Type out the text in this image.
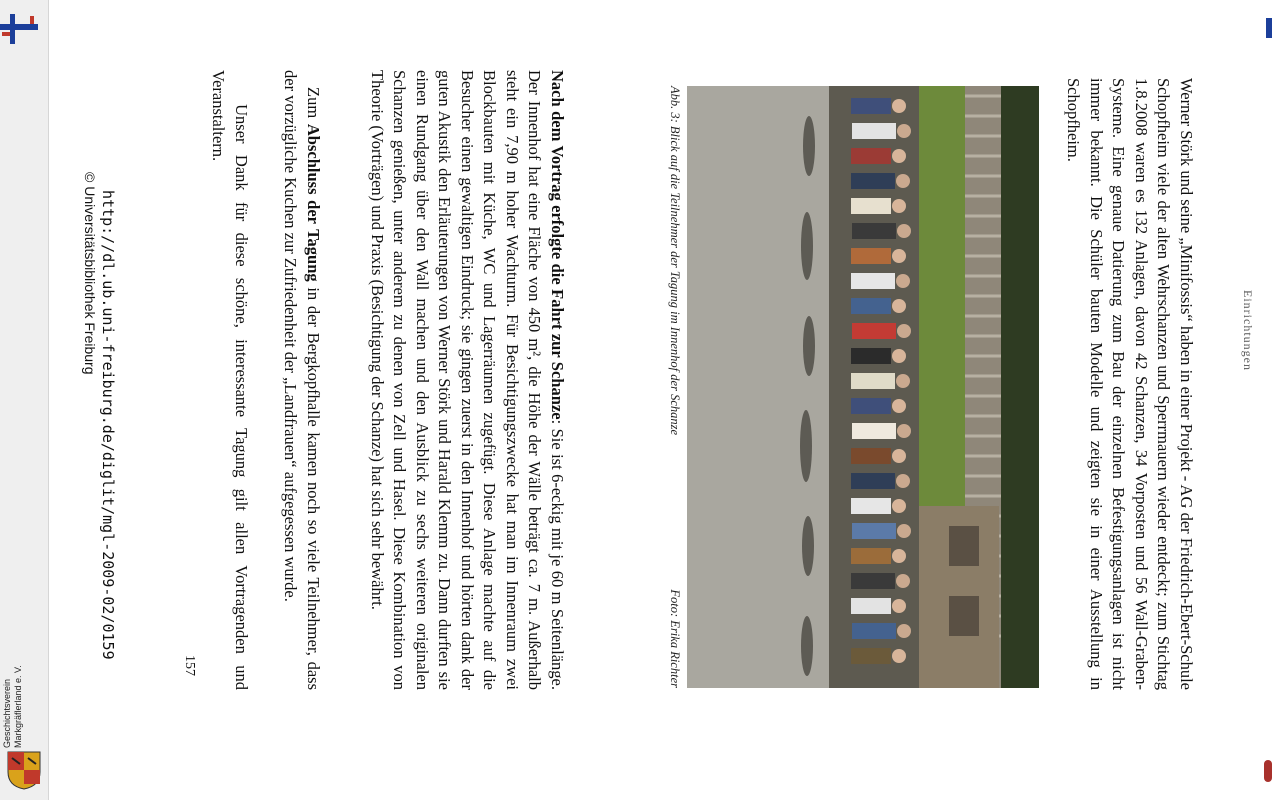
Geschichtsverein Markgräflerland e. V.
Einrichtungen
Werner Störk und seine „Minifossis“ haben in einer Projekt - AG der Friedrich-Ebert-Schule Schopfheim viele der alten Wehrschanzen und Sperrmauern wieder entdeckt; zum Stichtag 1.8.2008 waren es 132 Anlagen, davon 42 Schanzen, 34 Vorposten und 56 Wall-Graben-Systeme. Eine genaue Datierung zum Bau der einzelnen Befestigungsanlagen ist nicht immer bekannt. Die Schüler bauten Modelle und zeigten sie in einer Ausstellung in Schopfheim.
Abb. 3: Blick auf die Teilnehmer der Tagung im Innenhof der Schanze
Foto: Erika Richter
Nach dem Vortrag erfolgte die Fahrt zur Schanze: Sie ist 6-eckig mit je 60 m Seitenlänge. Der Innenhof hat eine Fläche von 450 m², die Höhe der Wälle beträgt ca. 7 m. Außerhalb steht ein 7,90 m hoher Wachturm. Für Besichtigungszwecke hat man im Innenraum zwei Blockbauten mit Küche, WC und Lagerräumen zugefügt. Diese Anlage machte auf die Besucher einen gewaltigen Eindruck; sie gingen zuerst in den Innenhof und hörten dank der guten Akustik den Erläuterungen von Werner Störk und Harald Klemm zu. Dann durften sie einen Rundgang über den Wall machen und den Ausblick zu sechs weiteren originalen Schanzen genießen, unter anderem zu denen von Zell und Hasel. Diese Kombination von Theorie (Vorträgen) und Praxis (Besichtigung der Schanze) hat sich sehr bewährt.
Zum Abschluss der Tagung in der Bergkopfhalle kamen noch so viele Teilnehmer, dass der vorzügliche Kuchen zur Zufriedenheit der „Landfrauen“ aufgegessen wurde.
Unser Dank für diese schöne, interessante Tagung gilt allen Vortragenden und Veranstaltern.
157
http://dl.ub.uni-freiburg.de/diglit/mgl-2009-02/0159
© Universitätsbibliothek Freiburg
